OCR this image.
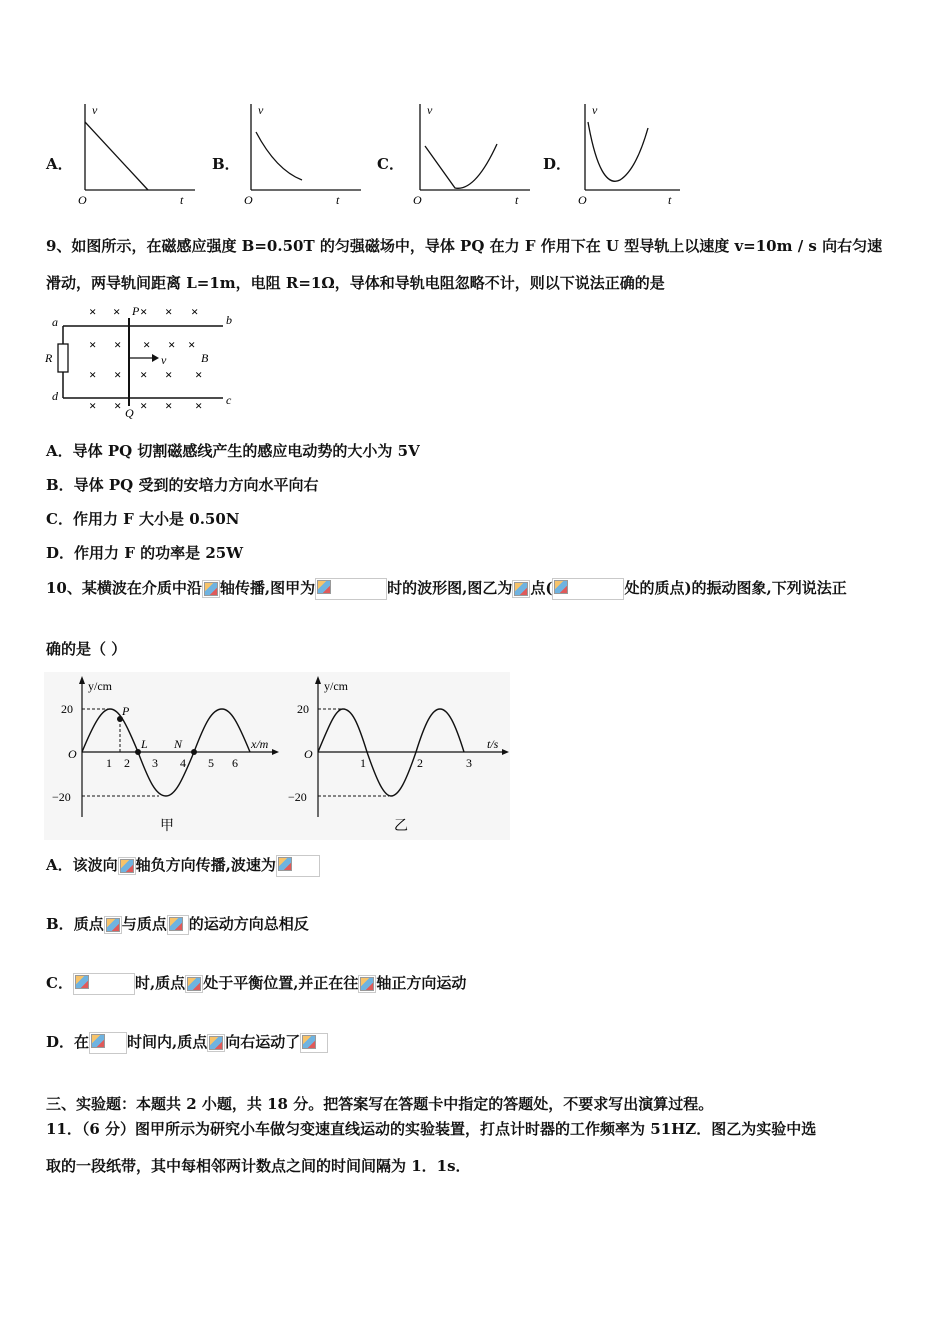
A．
v
O	t
B．
v
O	t
C．
v
O	t
D．
v
O	t
9、如图所示，在磁感应强度 B=0.50T 的匀强磁场中，导体 PQ 在力 F 作用下在 U 型导轨上以速度 v=10m / s 向右匀速
滑动，两导轨间距离 L=1m，电阻 R=1Ω，导体和导轨电阻忽略不计，则以下说法正确的是
a	b
c
d
R
P
Q
v	B
× × × × ×
× × × × ×
× × × × ×
× × × × ×
A．导体 PQ 切割磁感线产生的感应电动势的大小为 5V
B．导体 PQ 受到的安培力方向水平向右
C．作用力 F 大小是 0.50N
D．作用力 F 的功率是 25W
10、某横波在介质中沿 轴传播,图甲为	时的波形图,图乙为 点(	处的质点)的振动图象,下列说法正
确的是（ ）
y/cm
x/m
O
20
−20
P
L N
1 2 3 4 5 6
甲
y/cm
t/s
O
20
−20
1	2	3
乙
A．该波向 轴负方向传播,波速为
B．质点 与质点 的运动方向总相反
C．	时,质点 处于平衡位置,并正在往 轴正方向运动
D．在	时间内,质点 向右运动了
三、实验题：本题共 2 小题，共 18 分。把答案写在答题卡中指定的答题处，不要求写出演算过程。
11．（6 分）图甲所示为研究小车做匀变速直线运动的实验装置，打点计时器的工作频率为 51HZ．图乙为实验中选
取的一段纸带，其中每相邻两计数点之间的时间间隔为 1．1s．
